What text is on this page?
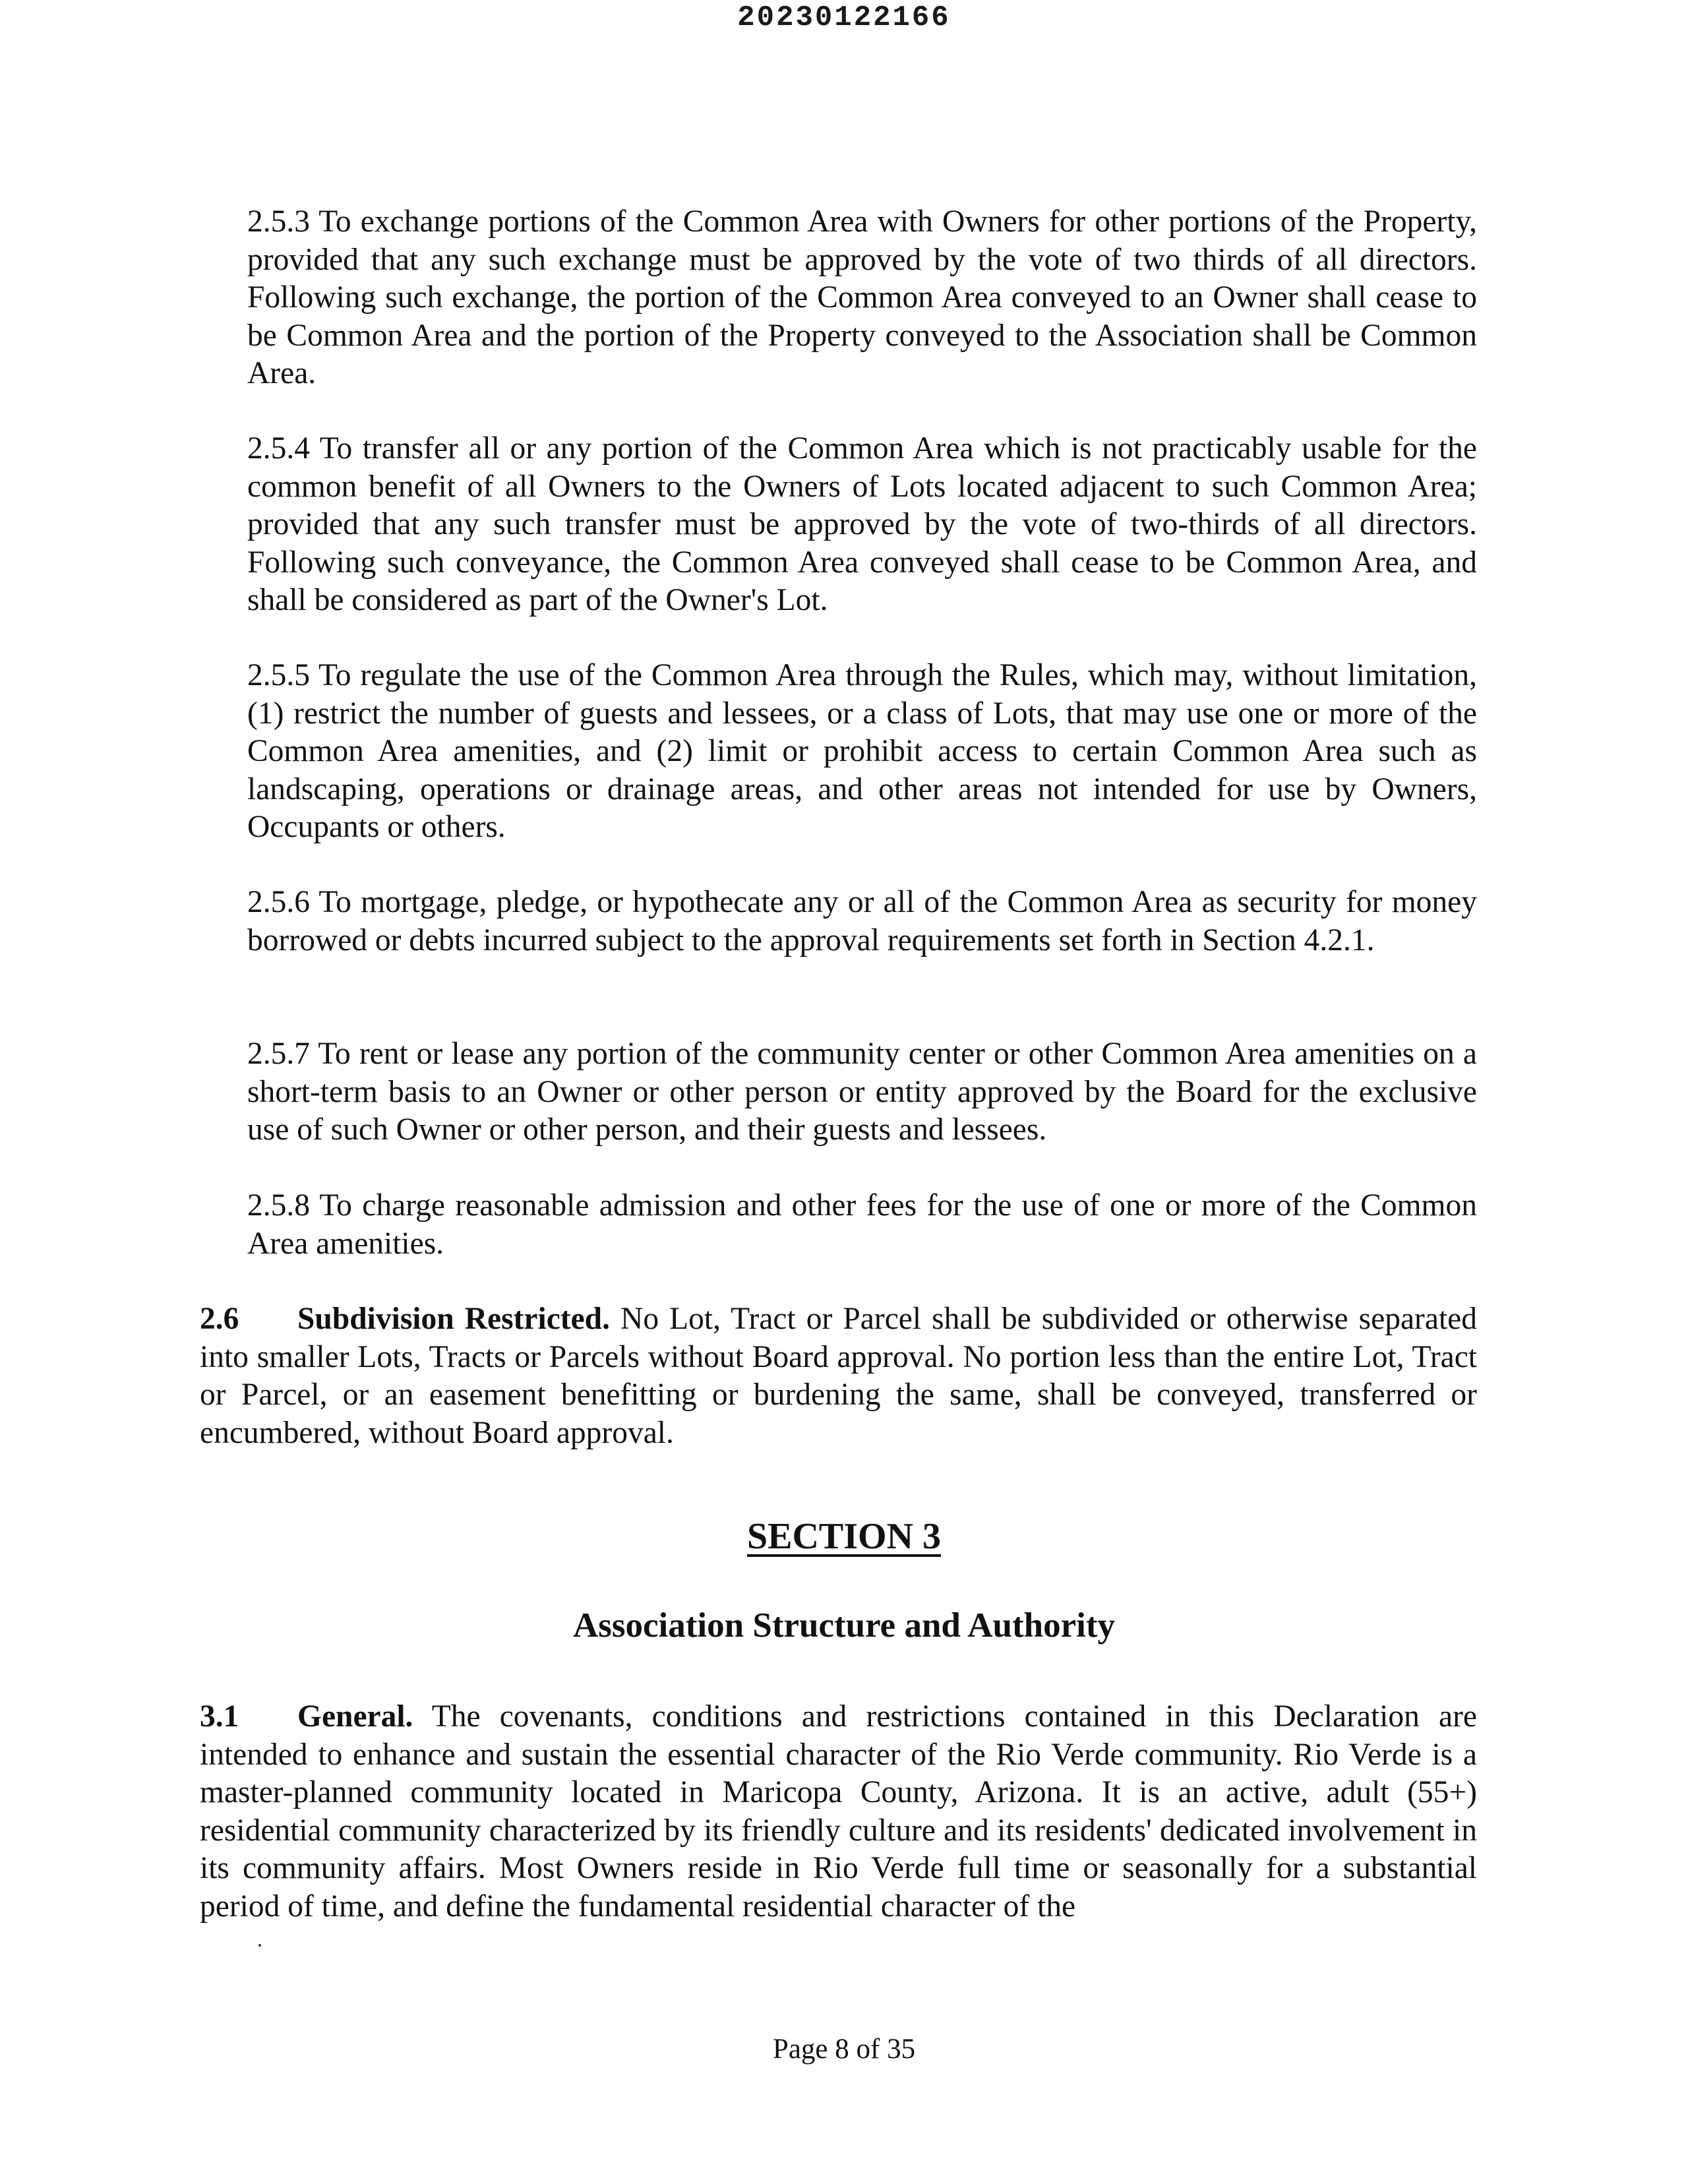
20230122166

2.5.3 To exchange portions of the Common Area with Owners for other portions of the Property, provided that any such exchange must be approved by the vote of two thirds of all directors. Following such exchange, the portion of the Common Area conveyed to an Owner shall cease to be Common Area and the portion of the Property conveyed to the Association shall be Common Area.

2.5.4 To transfer all or any portion of the Common Area which is not practicably usable for the common benefit of all Owners to the Owners of Lots located adjacent to such Common Area; provided that any such transfer must be approved by the vote of two-thirds of all directors. Following such conveyance, the Common Area conveyed shall cease to be Common Area, and shall be considered as part of the Owner's Lot.

2.5.5 To regulate the use of the Common Area through the Rules, which may, without limitation, (1) restrict the number of guests and lessees, or a class of Lots, that may use one or more of the Common Area amenities, and (2) limit or prohibit access to certain Common Area such as landscaping, operations or drainage areas, and other areas not intended for use by Owners, Occupants or others.

2.5.6 To mortgage, pledge, or hypothecate any or all of the Common Area as security for money borrowed or debts incurred subject to the approval requirements set forth in Section 4.2.1.

2.5.7 To rent or lease any portion of the community center or other Common Area amenities on a short-term basis to an Owner or other person or entity approved by the Board for the exclusive use of such Owner or other person, and their guests and lessees.

2.5.8 To charge reasonable admission and other fees for the use of one or more of the Common Area amenities.

2.6 Subdivision Restricted. No Lot, Tract or Parcel shall be subdivided or otherwise separated into smaller Lots, Tracts or Parcels without Board approval. No portion less than the entire Lot, Tract or Parcel, or an easement benefitting or burdening the same, shall be conveyed, transferred or encumbered, without Board approval.

SECTION 3
Association Structure and Authority

3.1 General. The covenants, conditions and restrictions contained in this Declaration are intended to enhance and sustain the essential character of the Rio Verde community. Rio Verde is a master-planned community located in Maricopa County, Arizona. It is an active, adult (55+) residential community characterized by its friendly culture and its residents' dedicated involvement in its community affairs. Most Owners reside in Rio Verde full time or seasonally for a substantial period of time, and define the fundamental residential character of the

Page 8 of 35
